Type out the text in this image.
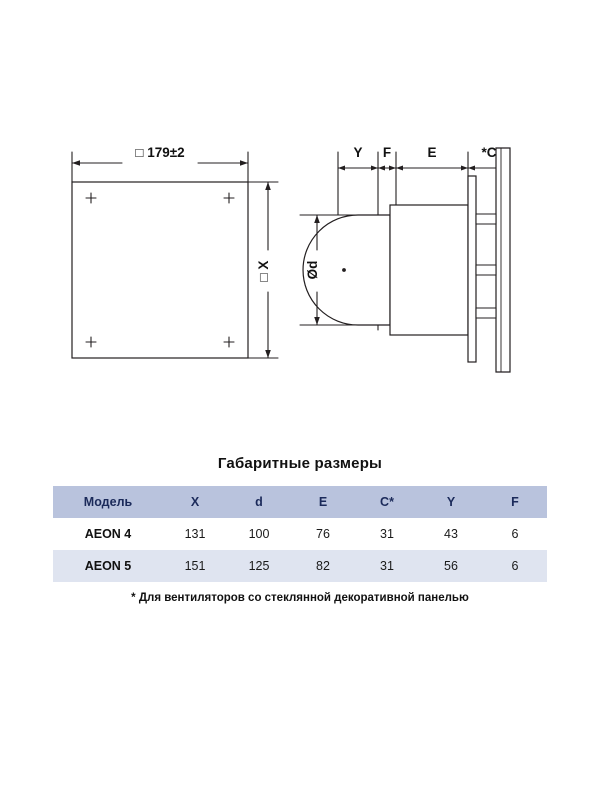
□ 179±2
□ X	Ød
Y F	E	*C
Габаритные размеры
Модель	X	d	E	C*	Y	F
AEON 4	131	100	76	31	43	6
AEON 5	151	125	82	31	56	6
* Для вентиляторов со стеклянной декоративной панелью
